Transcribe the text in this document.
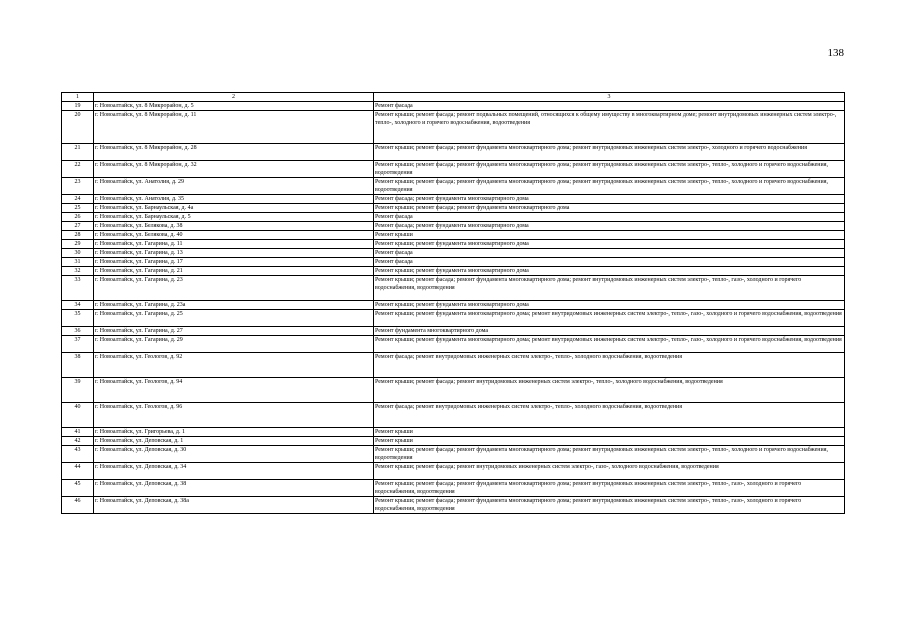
138
1	2	3
19	г. Новоалтайск, ул. 8 Микрорайон, д. 5	Ремонт фасада
20	г. Новоалтайск, ул. 8 Микрорайон, д. 11	Ремонт крыши; ремонт фасада; ремонт подвальных помещений, относящихся к общему имуществу в многоквартирном доме; ремонт внутридомовых инженерных систем электро-, тепло-, холодного и горячего водоснабжения, водоотведения
21	г. Новоалтайск, ул. 8 Микрорайон, д. 28	Ремонт крыши; ремонт фасада; ремонт фундамента многоквартирного дома; ремонт внутридомовых инженерных систем электро-, холодного и горячего водоснабжения
22	г. Новоалтайск, ул. 8 Микрорайон, д. 32	Ремонт крыши; ремонт фасада; ремонт фундамента многоквартирного дома; ремонт внутридомовых инженерных систем электро-, тепло-, холодного и горячего водоснабжения, водоотведения
23	г. Новоалтайск, ул. Анатолия, д. 29	Ремонт крыши; ремонт фасада; ремонт фундамента многоквартирного дома; ремонт внутридомовых инженерных систем электро-, тепло-, холодного и горячего водоснабжения, водоотведения
24	г. Новоалтайск, ул. Анатолия, д. 35	Ремонт фасада; ремонт фундамента многоквартирного дома
25	г. Новоалтайск, ул. Барнаульская, д. 4а	Ремонт крыши; ремонт фасада; ремонт фундамента многоквартирного дома
26	г. Новоалтайск, ул. Барнаульская, д. 5	Ремонт фасада
27	г. Новоалтайск, ул. Белякова, д. 38	Ремонт фасада; ремонт фундамента многоквартирного дома
28	г. Новоалтайск, ул. Белякова, д. 40	Ремонт крыши
29	г. Новоалтайск, ул. Гагарина, д. 11	Ремонт крыши; ремонт фундамента многоквартирного дома
30	г. Новоалтайск, ул. Гагарина, д. 13	Ремонт фасада
31	г. Новоалтайск, ул. Гагарина, д. 17	Ремонт фасада
32	г. Новоалтайск, ул. Гагарина, д. 21	Ремонт крыши; ремонт фундамента многоквартирного дома
33	г. Новоалтайск, ул. Гагарина, д. 23	Ремонт крыши; ремонт фасада; ремонт фундамента многоквартирного дома; ремонт внутридомовых инженерных систем электро-, тепло-, газо-, холодного и горячего водоснабжения, водоотведения
34	г. Новоалтайск, ул. Гагарина, д. 23а	Ремонт крыши; ремонт фундамента многоквартирного дома
35	г. Новоалтайск, ул. Гагарина, д. 25	Ремонт крыши; ремонт фундамента многоквартирного дома; ремонт внутридомовых инженерных систем электро-, тепло-, газо-, холодного и горячего водоснабжения, водоотведения
36	г. Новоалтайск, ул. Гагарина, д. 27	Ремонт фундамента многоквартирного дома
37	г. Новоалтайск, ул. Гагарина, д. 29	Ремонт крыши; ремонт фундамента многоквартирного дома; ремонт внутридомовых инженерных систем электро-, тепло-, газо-, холодного и горячего водоснабжения, водоотведения
38	г. Новоалтайск, ул. Геологов, д. 92	Ремонт фасада; ремонт внутридомовых инженерных систем электро-, тепло-, холодного водоснабжения, водоотведения
39	г. Новоалтайск, ул. Геологов, д. 94	Ремонт крыши; ремонт фасада; ремонт внутридомовых инженерных систем электро-, тепло-, холодного водоснабжения, водоотведения
40	г. Новоалтайск, ул. Геологов, д. 96	Ремонт фасада; ремонт внутридомовых инженерных систем электро-, тепло-, холодного водоснабжения, водоотведения
41	г. Новоалтайск, ул. Григорьева, д. 1	Ремонт крыши
42	г. Новоалтайск, ул. Деповская, д. 1	Ремонт крыши
43	г. Новоалтайск, ул. Деповская, д. 30	Ремонт крыши; ремонт фасада; ремонт фундамента многоквартирного дома; ремонт внутридомовых инженерных систем электро-, тепло-, холодного и горячего водоснабжения, водоотведения
44	г. Новоалтайск, ул. Деповская, д. 34	Ремонт крыши; ремонт фасада; ремонт внутридомовых инженерных систем электро-, газо-, холодного водоснабжения, водоотведения
45	г. Новоалтайск, ул. Деповская, д. 38	Ремонт крыши; ремонт фасада; ремонт фундамента многоквартирного дома; ремонт внутридомовых инженерных систем электро-, тепло-, газо-, холодного и горячего водоснабжения, водоотведения
46	г. Новоалтайск, ул. Деповская, д. 38а	Ремонт крыши; ремонт фасада; ремонт фундамента многоквартирного дома; ремонт внутридомовых инженерных систем электро-, тепло-, газо-, холодного и горячего водоснабжения, водоотведения
